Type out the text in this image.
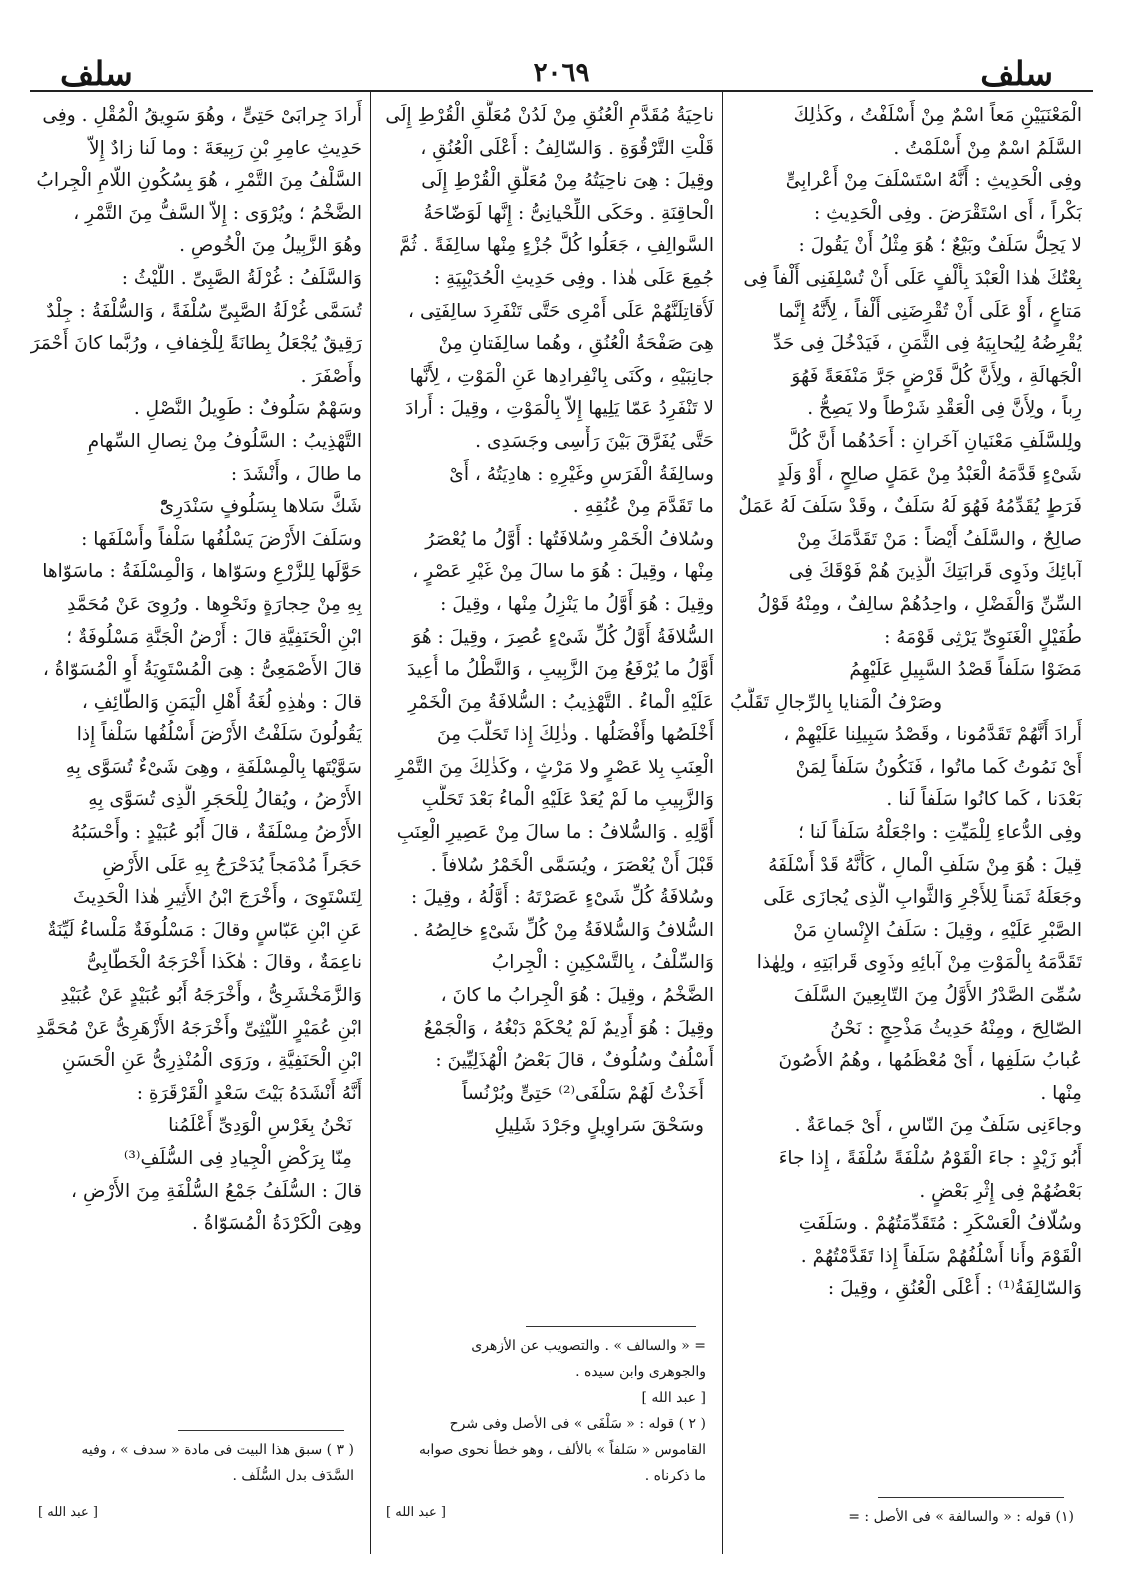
سلف
٢٠٦٩
سلف
الْمَعْنَيَيْنِ مَعاً اسْمٌ مِنْ أَسْلَفْتُ ، وكَذٰلِكَ
السَّلَمُ اسْمٌ مِنْ أَسْلَمْتُ .
وفِى الْحَدِيثِ : أَنَّهُ اسْتَسْلَفَ مِنْ أَعْرابِىٍّ
بَكْراً ، أَى اسْتَقْرَضَ . وفِى الْحَدِيثِ :
لا يَحِلُّ سَلَفٌ وبَيْعٌ ؛ هُوَ مِثْلُ أَنْ يَقُولَ :
بِعْتُكَ هٰذا الْعَبْدَ بِأَلْفٍ عَلَى أَنْ تُسْلِفَنِى أَلْفاً فِى
مَتاعٍ ، أَوْ عَلَى أَنْ تُقْرِضَنِى أَلْفاً ، لِأَنَّهُ إِنَّما
يُقْرِضُهُ لِيُحابِيَهُ فِى الثَّمَنِ ، فَيَدْخُلَ فِى حَدِّ
الْجَهالَةِ ، ولِأَنَّ كُلَّ قَرْضٍ جَرَّ مَنْفَعَةً فَهُوَ
رِباً ، ولِأَنَّ فِى الْعَقْدِ شَرْطاً ولا يَصِحُّ .
ولِلسَّلَفِ مَعْنَيانِ آخَرانِ : أَحَدُهُما أَنَّ كُلَّ
شَىْءٍ قَدَّمَهُ الْعَبْدُ مِنْ عَمَلٍ صالِحٍ ، أَوْ وَلَدٍ
فَرَطٍ يُقَدِّمُهُ فَهُوَ لَهُ سَلَفٌ ، وقَدْ سَلَفَ لَهُ عَمَلٌ
صالِحٌ ، والسَّلَفُ أَيْضاً : مَنْ تَقَدَّمَكَ مِنْ
آبائِكَ وذَوِى قَرابَتِكَ الَّذِينَ هُمْ فَوْقَكَ فِى
السِّنِّ وَالْفَضْلِ ، واحِدُهُمْ سالِفٌ ، ومِنْهُ قَوْلُ
طُفَيْلٍ الْغَنَوِىِّ يَرْثِى قَوْمَهُ :
مَضَوْا سَلَفاً قَصْدُ السَّبِيلِ عَلَيْهِمُ
وصَرْفُ الْمَنايا بِالرِّجالِ تَقَلَّبُ
أَرادَ أَنَّهُمْ تَقَدَّمُونا ، وقَصْدُ سَبِيلِنا عَلَيْهِمْ ،
أَىْ نَمُوتُ كَما ماتُوا ، فَنَكُونُ سَلَفاً لِمَنْ
بَعْدَنا ، كَما كانُوا سَلَفاً لَنا .
وفِى الدُّعاءِ لِلْمَيِّتِ : واجْعَلْهُ سَلَفاً لَنا ؛
قِيلَ : هُوَ مِنْ سَلَفِ الْمالِ ، كَأَنَّهُ قَدْ أَسْلَفَهُ
وجَعَلَهُ ثَمَناً لِلأَجْرِ وَالثَّوابِ الَّذِى يُجازَى عَلَى
الصَّبْرِ عَلَيْهِ ، وقِيلَ : سَلَفُ الإِنْسانِ مَنْ
تَقَدَّمَهُ بِالْمَوْتِ مِنْ آبائِهِ وذَوِى قَرابَتِهِ ، ولِهٰذا
سُمِّىَ الصَّدْرُ الأَوَّلُ مِنَ التّابِعِينَ السَّلَفَ
الصّالِحَ ، ومِنْهُ حَدِيثُ مَذْحِجٍ : نَحْنُ
عُبابُ سَلَفِها ، أَىْ مُعْظَمُها ، وهُمُ الأُصُونَ
مِنْها .
وجاءَنِى سَلَفٌ مِنَ النّاسِ ، أَىْ جَماعَةٌ .
أَبُو زَيْدٍ : جاءَ الْقَوْمُ سُلْفَةً سُلْفَةً ، إِذا جاءَ
بَعْضُهُمْ فِى إِثْرِ بَعْضٍ .
وسُلّافُ الْعَسْكَرِ : مُتَقَدِّمَتُهُمْ . وسَلَفَتِ
الْقَوْمَ وأَنا أَسْلُفُهُمْ سَلَفاً إِذا تَقَدَّمْتُهُمْ .
وَالسّالِفَةُ⁽¹⁾ : أَعْلَى الْعُنُقِ ، وقِيلَ :
(١) قوله : « والسالفة » فى الأصل : =
ناحِيَةُ مُقَدَّمِ الْعُنُقِ مِنْ لَدُنْ مُعَلَّقِ الْقُرْطِ إِلَى
قَلْتِ التَّرْقُوَةِ . وَالسّالِفُ : أَعْلَى الْعُنُقِ ،
وقِيلَ : هِىَ ناحِيَتُهُ مِنْ مُعَلَّقِ الْقُرْطِ إِلَى
الْحاقِنَةِ . وحَكَى اللِّحْيانِىُّ : إِنَّها لَوَضّاحَةُ
السَّوالِفِ ، جَعَلُوا كُلَّ جُزْءٍ مِنْها سالِفَةً . ثُمَّ
جُمِعَ عَلَى هٰذا . وفِى حَدِيثِ الْحُدَيْبِيَةِ :
لَأُقاتِلَنَّهُمْ عَلَى أَمْرِى حَتَّى تَنْفَرِدَ سالِفَتِى ،
هِىَ صَفْحَةُ الْعُنُقِ ، وهُما سالِفَتانِ مِنْ
جانِبَيْهِ ، وكَنَى بِانْفِرادِها عَنِ الْمَوْتِ ، لِأَنَّها
لا تَنْفَرِدُ عَمّا يَلِيها إِلاّ بِالْمَوْتِ ، وقِيلَ : أَرادَ
حَتَّى يُفَرَّقَ بَيْنَ رَأْسِى وجَسَدِى .
وسالِفَةُ الْفَرَسِ وغَيْرِهِ : هادِيَتُهُ ، أَىْ
ما تَقَدَّمَ مِنْ عُنُقِهِ .
وسُلافُ الْخَمْرِ وسُلافَتُها : أَوَّلُ ما يُعْصَرُ
مِنْها ، وقِيلَ : هُوَ ما سالَ مِنْ غَيْرِ عَصْرٍ ،
وقِيلَ : هُوَ أَوَّلُ ما يَنْزِلُ مِنْها ، وقِيلَ :
السُّلافَةُ أَوَّلُ كُلِّ شَىْءٍ عُصِرَ ، وقِيلَ : هُوَ
أَوَّلُ ما يُرْفَعُ مِنَ الزَّبِيبِ ، وَالنَّطْلُ ما أُعِيدَ
عَلَيْهِ الْماءُ . التَّهْذِيبُ : السُّلافَةُ مِنَ الْخَمْرِ
أَخْلَصُها وأَفْضَلُها . وذٰلِكَ إِذا تَحَلَّبَ مِنَ
الْعِنَبِ بِلا عَصْرٍ ولا مَرْثٍ ، وكَذٰلِكَ مِنَ التَّمْرِ
وَالزَّبِيبِ ما لَمْ يُعَدْ عَلَيْهِ الْماءُ بَعْدَ تَحَلُّبِ
أَوَّلِهِ . وَالسُّلافُ : ما سالَ مِنْ عَصِيرِ الْعِنَبِ
قَبْلَ أَنْ يُعْصَرَ ، ويُسَمَّى الْخَمْرُ سُلافاً .
وسُلافَةُ كُلِّ شَىْءٍ عَصَرْتَهُ : أَوَّلُهُ ، وقِيلَ :
السُّلافُ وَالسُّلافَةُ مِنْ كُلِّ شَىْءٍ خالِصُهُ .
وَالسِّلْفُ ، بِالتَّسْكِينِ : الْجِرابُ
الضَّخْمُ ، وقِيلَ : هُوَ الْجِرابُ ما كانَ ،
وقِيلَ : هُوَ أَدِيمٌ لَمْ يُحْكَمْ دَبْغُهُ ، وَالْجَمْعُ
أَسْلُفٌ وسُلُوفٌ ، قالَ بَعْضُ الْهُذَلِيِّينَ :
أَخَذْتُ لَهُمْ سَلْفَى⁽²⁾ حَتِىٍّ وبُرْنُساً
وسَحْقَ سَراوِيلٍ وجَرْدَ شَلِيلِ
= « والسالف » . والتصويب عن الأزهرى
والجوهرى وابن سيده .
[ عبد الله ]
( ٢ ) قوله : « سَلْفَى » فى الأصل وفى شرح
القاموس « سَلفاً » بالألف ، وهو خطأ نحوى صوابه
ما ذكرناه .
[ عبد الله ]
أَرادَ جِرابَىْ حَتِىٍّ ، وهُوَ سَوِيقُ الْمُقْلِ . وفِى
حَدِيثِ عامِرِ بْنِ رَبِيعَةَ : وما لَنا زادٌ إِلاّ
السَّلْفُ مِنَ التَّمْرِ ، هُوَ بِسُكُونِ اللّامِ الْجِرابُ
الضَّخْمُ ؛ ويُرْوَى : إِلاّ السَّفُّ مِنَ التَّمْرِ ،
وهُوَ الزَّبِيلُ مِنَ الْخُوصِ .
وَالسَّلَفُ : غُرْلَةُ الصَّبِىِّ . اللَّيْثُ :
تُسَمَّى غُرْلَةُ الصَّبِىِّ سُلْفَةً ، وَالسُّلْفَةُ : جِلْدٌ
رَقِيقٌ يُجْعَلُ بِطانَةً لِلْخِفافِ ، ورُبَّما كانَ أَحْمَرَ
وأَصْفَرَ .
وسَهْمٌ سَلُوفٌ : طَوِيلُ النَّصْلِ .
التَّهْذِيبُ : السَّلُوفُ مِنْ نِصالِ السِّهامِ
ما طالَ ، وأَنْشَدَ :
شَكَّ سَلاها بِسَلُوفٍ سَنْدَرِىّْ
وسَلَفَ الأَرْضَ يَسْلُفُها سَلْفاً وأَسْلَفَها :
حَوَّلَها لِلزَّرْعِ وسَوّاها ، وَالْمِسْلَفَةُ : ماسَوّاها
بِهِ مِنْ حِجارَةٍ ونَحْوِها . ورُوِىَ عَنْ مُحَمَّدِ
ابْنِ الْحَنَفِيَّةِ قالَ : أَرْضُ الْجَنَّةِ مَسْلُوفَةٌ ؛
قالَ الأَصْمَعِىُّ : هِىَ الْمُسْتَوِيَةُ أَوِ الْمُسَوّاةُ ،
قالَ : وهٰذِهِ لُغَةُ أَهْلِ الْيَمَنِ وَالطّائِفِ ،
يَقُولُونَ سَلَفْتُ الأَرْضَ أَسْلُفُها سَلْفاً إِذا
سَوَّيْتَها بِالْمِسْلَفَةِ ، وهِىَ شَىْءٌ تُسَوَّى بِهِ
الأَرْضُ ، ويُقالُ لِلْحَجَرِ الَّذِى تُسَوَّى بِهِ
الأَرْضُ مِسْلَفَةٌ ، قالَ أَبُو عُبَيْدٍ : وأَحْسَبُهُ
حَجَراً مُدْمَجاً يُدَحْرَجُ بِهِ عَلَى الأَرْضِ
لِتَسْتَوِىَ ، وأَخْرَجَ ابْنُ الأَثِيرِ هٰذا الْحَدِيثَ
عَنِ ابْنِ عَبّاسٍ وقالَ : مَسْلُوفَةٌ مَلْساءُ لَيِّنَةٌ
ناعِمَةٌ ، وقالَ : هٰكَذا أَخْرَجَهُ الْخَطّابِىُّ
وَالزَّمَخْشَرِىُّ ، وأَخْرَجَهُ أَبُو عُبَيْدٍ عَنْ عُبَيْدِ
ابْنِ عُمَيْرٍ اللَّيْثِىِّ وأَخْرَجَهُ الأَزْهَرِىُّ عَنْ مُحَمَّدِ
ابْنِ الْحَنَفِيَّةِ ، ورَوَى الْمُنْذِرِىُّ عَنِ الْحَسَنِ
أَنَّهُ أَنْشَدَهُ بَيْتَ سَعْدٍ الْقَرْقَرَةِ :
نَحْنُ بِغَرْسِ الْوَدِىِّ أَعْلَمُنا
مِنّا بِرَكْضِ الْجِيادِ فِى السُّلَفِ⁽³⁾
قالَ : السُّلَفُ جَمْعُ السُّلْفَةِ مِنَ الأَرْضِ ،
وهِىَ الْكَرْدَةُ الْمُسَوّاةُ .
( ٣ ) سبق هذا البيت فى مادة « سدف » ، وفيه
السَّدَف بدل السُّلَف .
[ عبد الله ]
